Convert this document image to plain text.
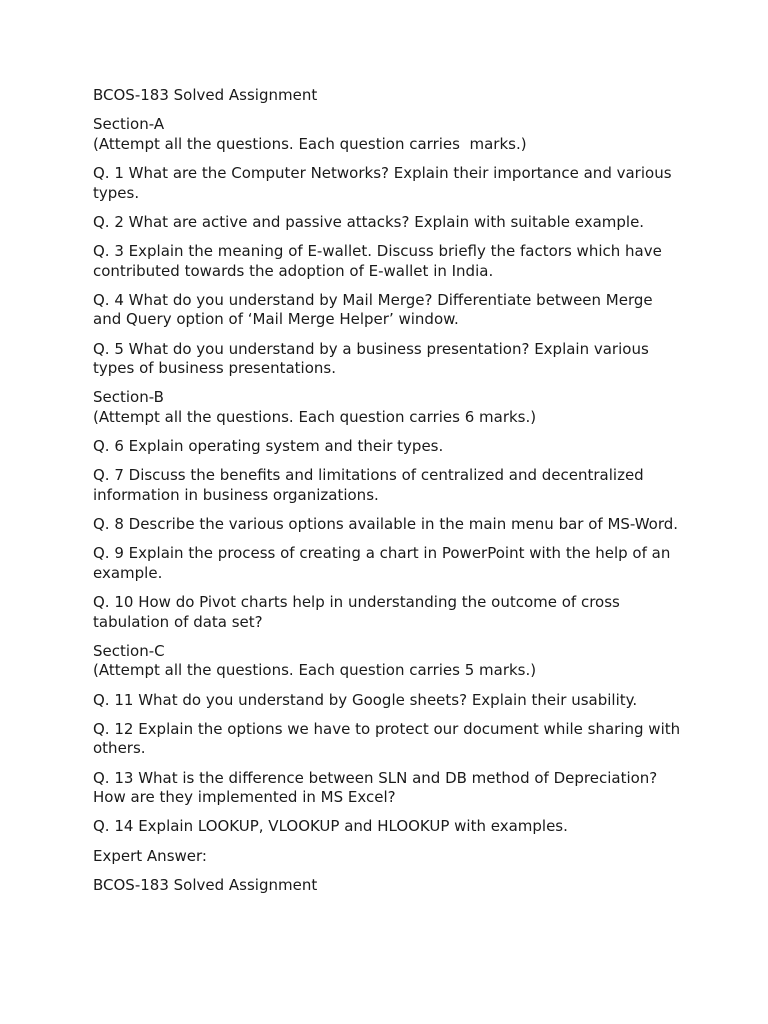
BCOS-183 Solved Assignment

Section-A

(Attempt all the questions. Each question carries  marks.)

Q. 1 What are the Computer Networks? Explain their importance and various types.

Q. 2 What are active and passive attacks? Explain with suitable example.

Q. 3 Explain the meaning of E-wallet. Discuss briefly the factors which have contributed towards the adoption of E-wallet in India.

Q. 4 What do you understand by Mail Merge? Differentiate between Merge and Query option of ‘Mail Merge Helper’ window.

Q. 5 What do you understand by a business presentation? Explain various types of business presentations.

Section-B

(Attempt all the questions. Each question carries 6 marks.)

Q. 6 Explain operating system and their types.

Q. 7 Discuss the benefits and limitations of centralized and decentralized information in business organizations.

Q. 8 Describe the various options available in the main menu bar of MS-Word.

Q. 9 Explain the process of creating a chart in PowerPoint with the help of an example.

Q. 10 How do Pivot charts help in understanding the outcome of cross tabulation of data set?

Section-C

(Attempt all the questions. Each question carries 5 marks.)

Q. 11 What do you understand by Google sheets? Explain their usability.

Q. 12 Explain the options we have to protect our document while sharing with others.

Q. 13 What is the difference between SLN and DB method of Depreciation? How are they implemented in MS Excel?

Q. 14 Explain LOOKUP, VLOOKUP and HLOOKUP with examples.

Expert Answer:

BCOS-183 Solved Assignment
